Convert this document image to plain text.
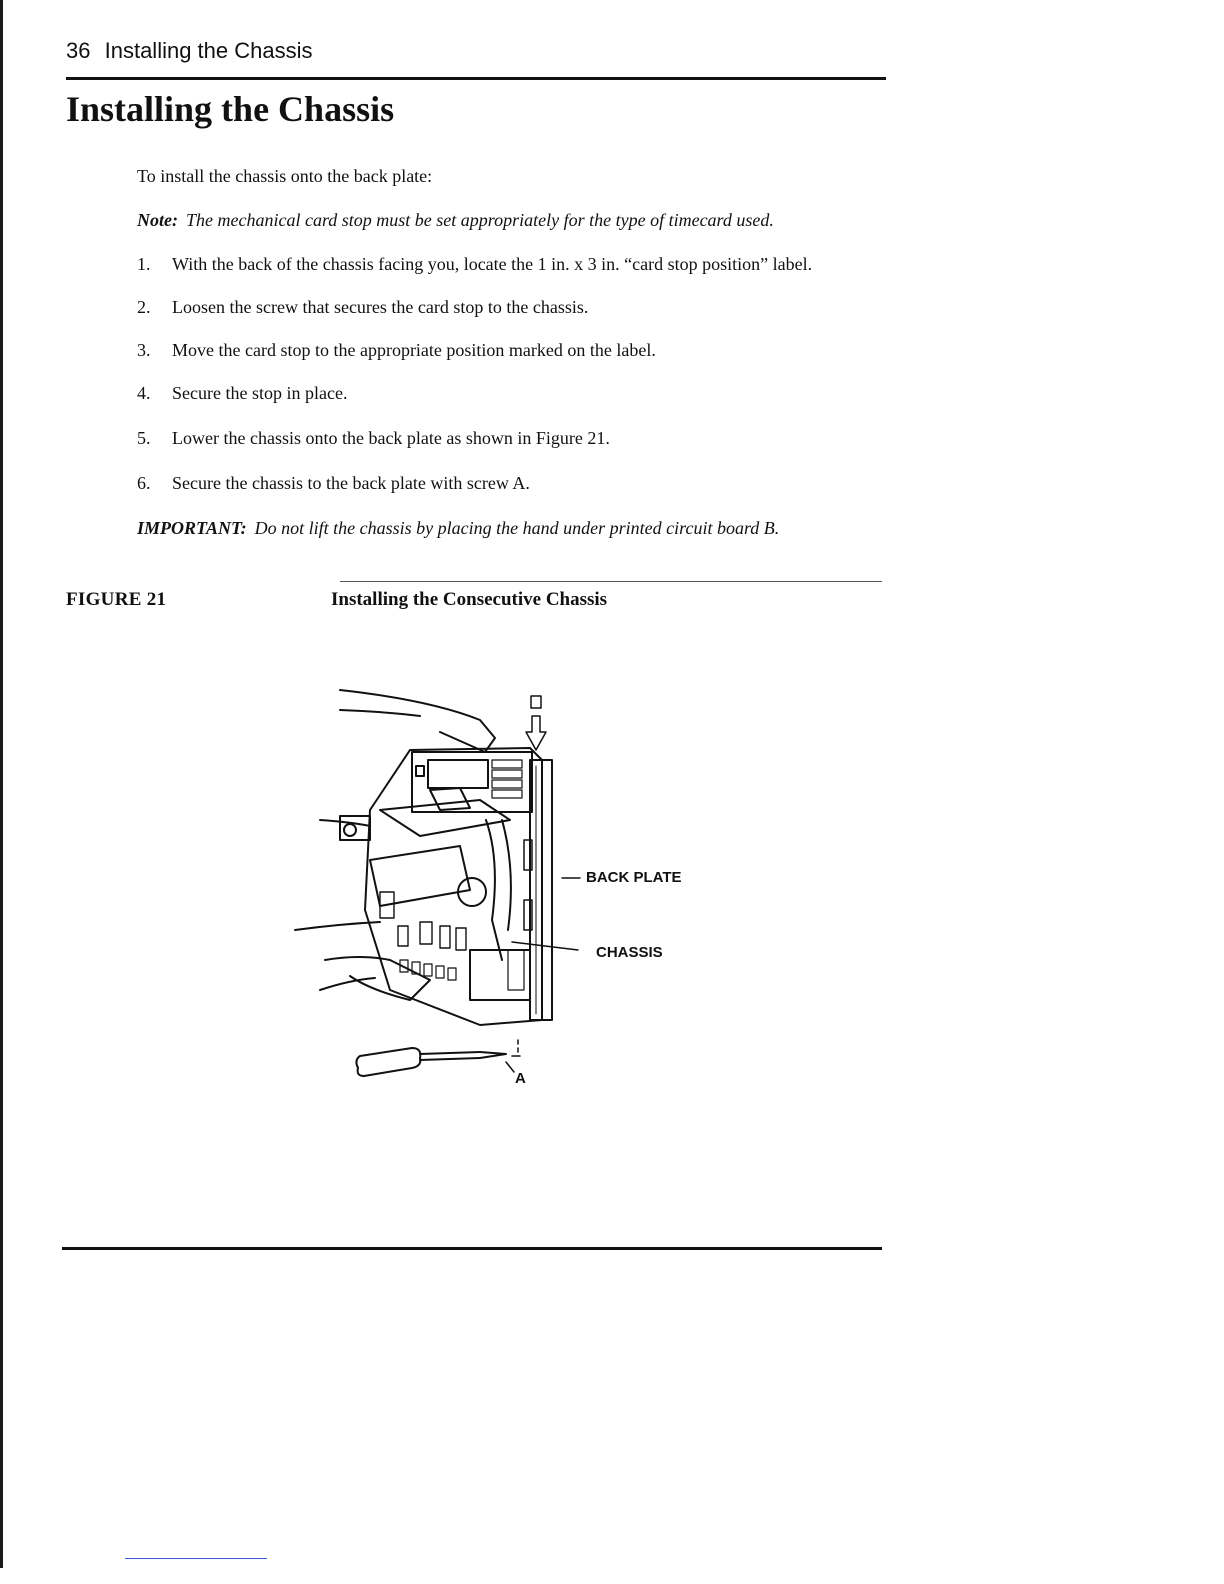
36 Installing the Chassis
Installing the Chassis
To install the chassis onto the back plate:
Note: The mechanical card stop must be set appropriately for the type of timecard used.
1. With the back of the chassis facing you, locate the 1 in. x 3 in. “card stop position” label.
2. Loosen the screw that secures the card stop to the chassis.
3. Move the card stop to the appropriate position marked on the label.
4. Secure the stop in place.
5. Lower the chassis onto the back plate as shown in Figure 21.
6. Secure the chassis to the back plate with screw A.
IMPORTANT: Do not lift the chassis by placing the hand under printed circuit board B.
FIGURE 21	Installing the Consecutive Chassis
BACK PLATE
CHASSIS
A
